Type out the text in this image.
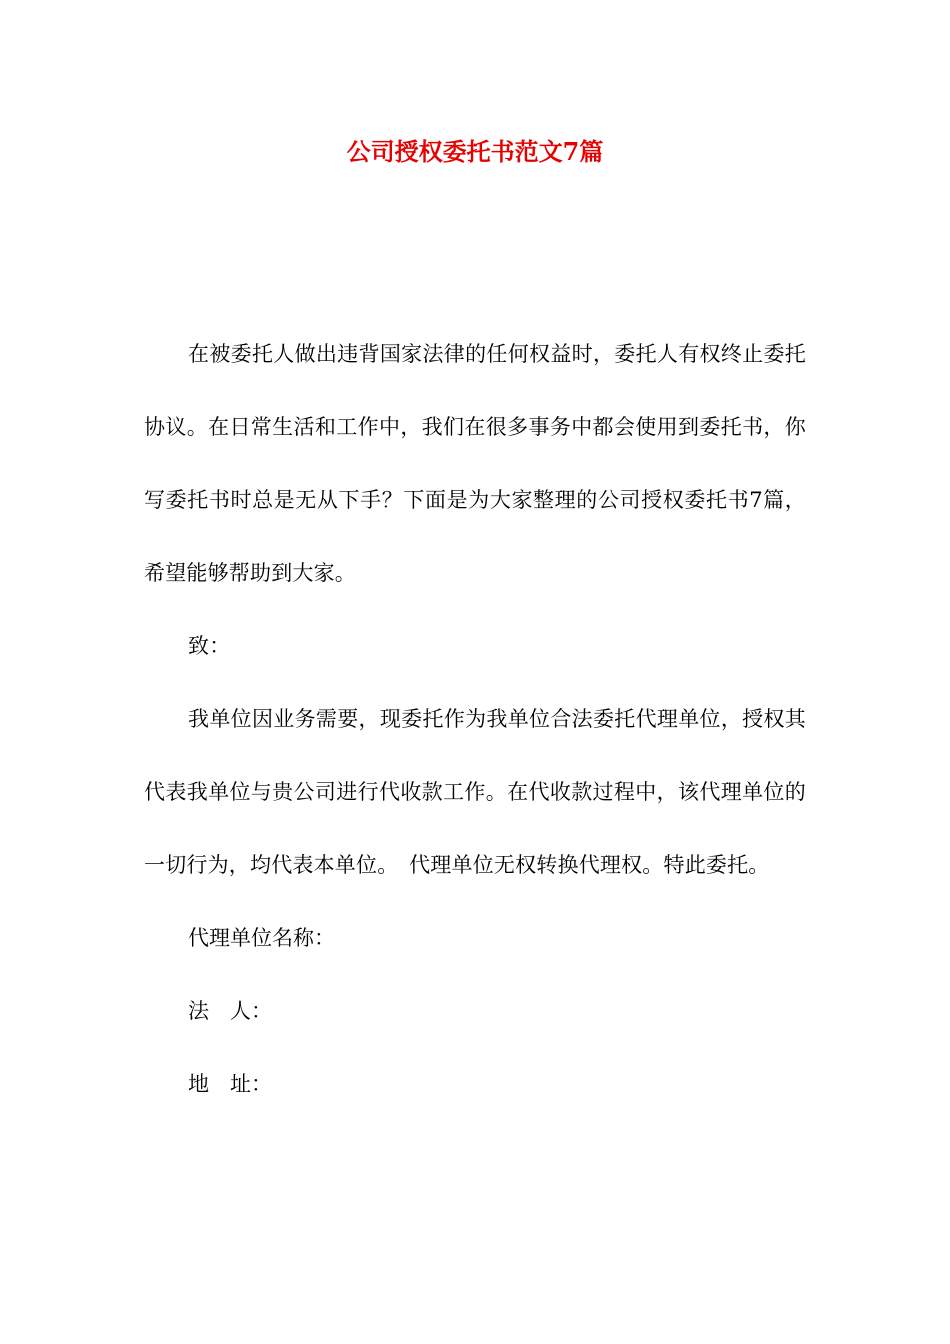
公司授权委托书范文7篇

在被委托人做出违背国家法律的任何权益时，委托人有权终止委托协议。在日常生活和工作中，我们在很多事务中都会使用到委托书，你写委托书时总是无从下手？下面是为大家整理的公司授权委托书7篇，希望能够帮助到大家。

致：

我单位因业务需要，现委托作为我单位合法委托代理单位，授权其代表我单位与贵公司进行代收款工作。在代收款过程中，该代理单位的一切行为，均代表本单位。　代理单位无权转换代理权。特此委托。

代理单位名称：

法　人：

地　址：
